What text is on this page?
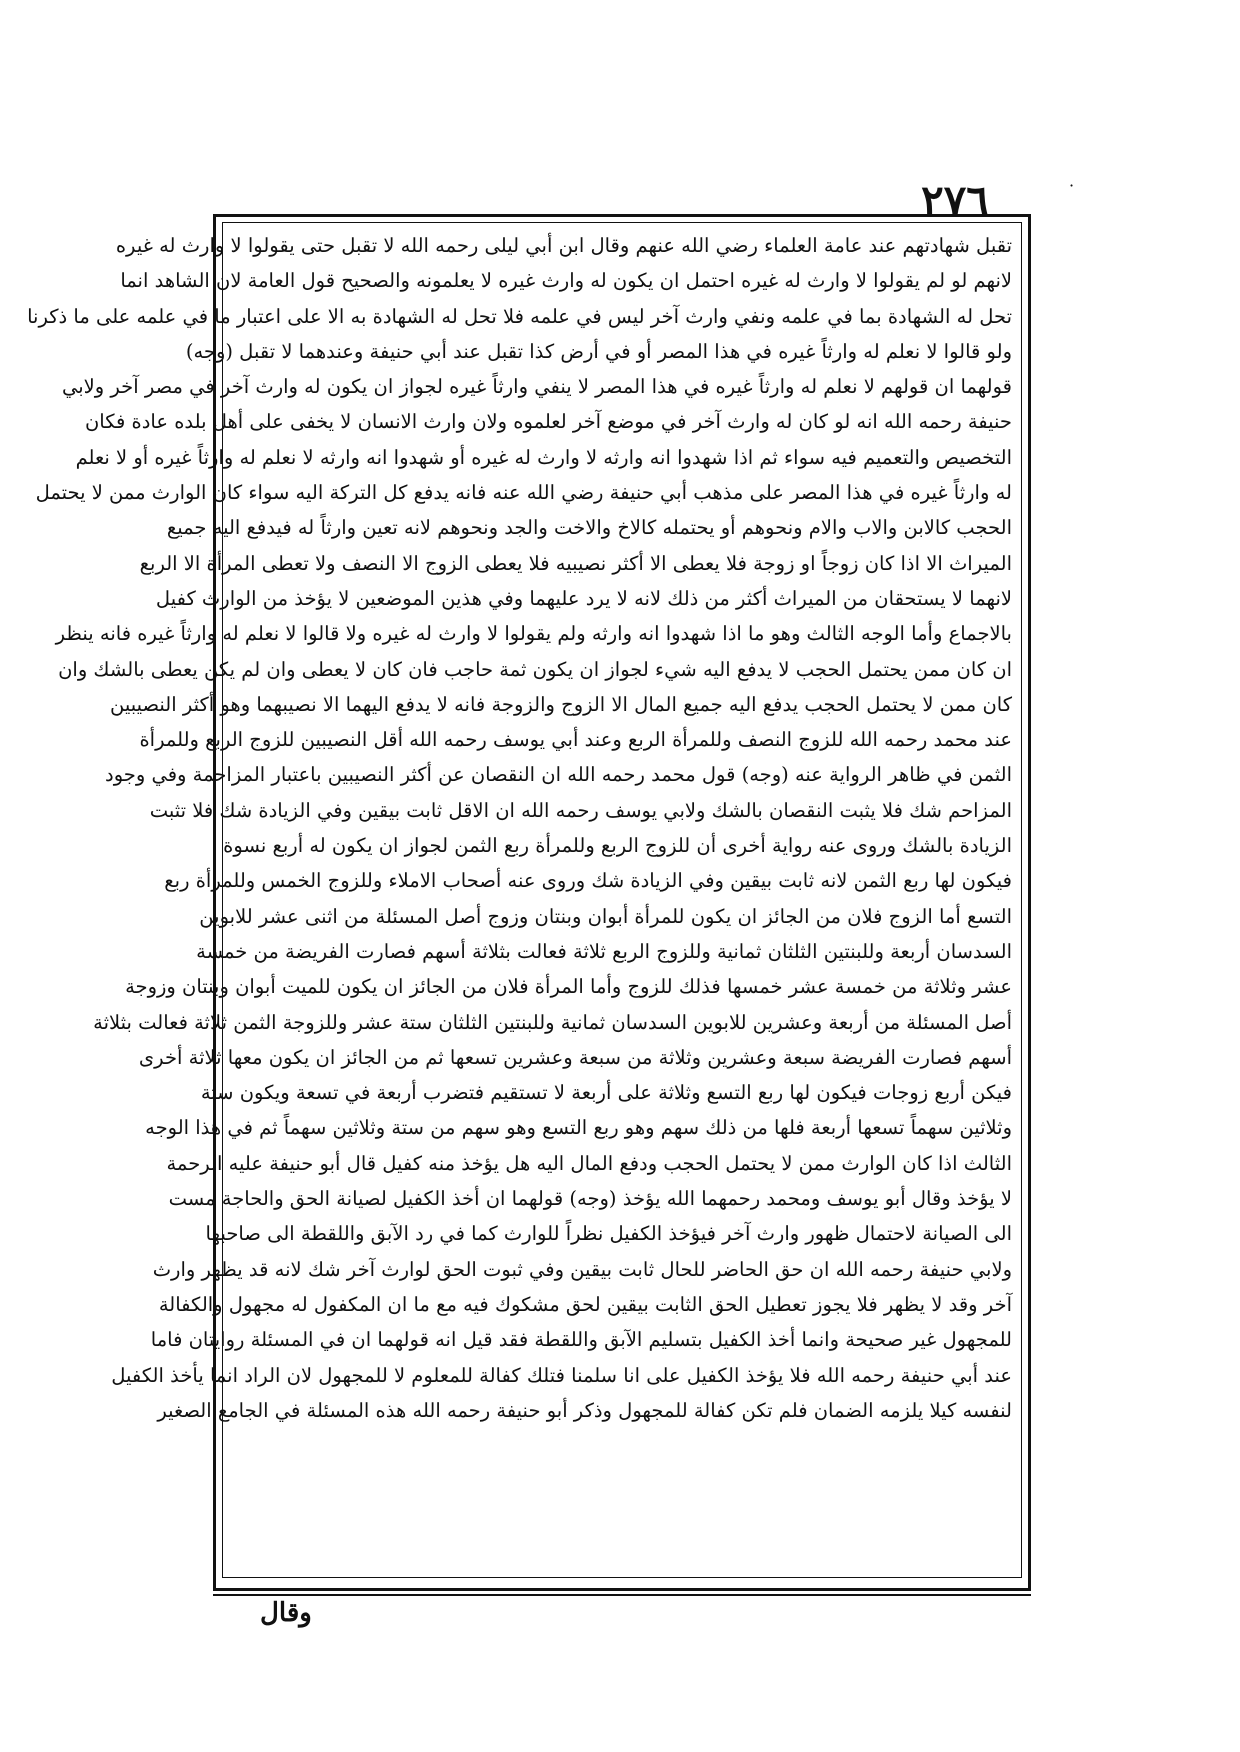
٢٧٦	·
تقبل شهادتهم عند عامة العلماء رضي الله عنهم وقال ابن أبي ليلى رحمه الله لا تقبل حتى يقولوا لا وارث له غيره
لانهم لو لم يقولوا لا وارث له غيره احتمل ان يكون له وارث غيره لا يعلمونه والصحيح قول العامة لان الشاهد انما
تحل له الشهادة بما في علمه ونفي وارث آخر ليس في علمه فلا تحل له الشهادة به الا على اعتبار ما في علمه على ما ذكرنا
ولو قالوا لا نعلم له وارثاً غيره في هذا المصر أو في أرض كذا تقبل عند أبي حنيفة وعندهما لا تقبل (وجه)
قولهما ان قولهم لا نعلم له وارثاً غيره في هذا المصر لا ينفي وارثاً غيره لجواز ان يكون له وارث آخر في مصر آخر ولابي
حنيفة رحمه الله انه لو كان له وارث آخر في موضع آخر لعلموه ولان وارث الانسان لا يخفى على أهل بلده عادة فكان
التخصيص والتعميم فيه سواء ثم اذا شهدوا انه وارثه لا وارث له غيره أو شهدوا انه وارثه لا نعلم له وارثاً غيره أو لا نعلم
له وارثاً غيره في هذا المصر على مذهب أبي حنيفة رضي الله عنه فانه يدفع كل التركة اليه سواء كان الوارث ممن لا يحتمل
الحجب كالابن والاب والام ونحوهم أو يحتمله كالاخ والاخت والجد ونحوهم لانه تعين وارثاً له فيدفع اليه جميع
الميراث الا اذا كان زوجاً او زوجة فلا يعطى الا أكثر نصيبيه فلا يعطى الزوج الا النصف ولا تعطى المرأة الا الربع
لانهما لا يستحقان من الميراث أكثر من ذلك لانه لا يرد عليهما وفي هذين الموضعين لا يؤخذ من الوارث كفيل
بالاجماع وأما الوجه الثالث وهو ما اذا شهدوا انه وارثه ولم يقولوا لا وارث له غيره ولا قالوا لا نعلم له وارثاً غيره فانه ينظر
ان كان ممن يحتمل الحجب لا يدفع اليه شيء لجواز ان يكون ثمة حاجب فان كان لا يعطى وان لم يكن يعطى بالشك وان
كان ممن لا يحتمل الحجب يدفع اليه جميع المال الا الزوج والزوجة فانه لا يدفع اليهما الا نصيبهما وهو أكثر النصيبين
عند محمد رحمه الله للزوج النصف وللمرأة الربع وعند أبي يوسف رحمه الله أقل النصيبين للزوج الربع وللمرأة
الثمن في ظاهر الرواية عنه (وجه) قول محمد رحمه الله ان النقصان عن أكثر النصيبين باعتبار المزاحمة وفي وجود
المزاحم شك فلا يثبت النقصان بالشك ولابي يوسف رحمه الله ان الاقل ثابت بيقين وفي الزيادة شك فلا تثبت
الزيادة بالشك وروى عنه رواية أخرى أن للزوج الربع وللمرأة ربع الثمن لجواز ان يكون له أربع نسوة
فيكون لها ربع الثمن لانه ثابت بيقين وفي الزيادة شك وروى عنه أصحاب الاملاء وللزوج الخمس وللمرأة ربع
التسع أما الزوج فلان من الجائز ان يكون للمرأة أبوان وبنتان وزوج أصل المسئلة من اثنى عشر للابوين
السدسان أربعة وللبنتين الثلثان ثمانية وللزوج الربع ثلاثة فعالت بثلاثة أسهم فصارت الفريضة من خمسة
عشر وثلاثة من خمسة عشر خمسها فذلك للزوج وأما المرأة فلان من الجائز ان يكون للميت أبوان وبنتان وزوجة
أصل المسئلة من أربعة وعشرين للابوين السدسان ثمانية وللبنتين الثلثان ستة عشر وللزوجة الثمن ثلاثة فعالت بثلاثة
أسهم فصارت الفريضة سبعة وعشرين وثلاثة من سبعة وعشرين تسعها ثم من الجائز ان يكون معها ثلاثة أخرى
فيكن أربع زوجات فيكون لها ربع التسع وثلاثة على أربعة لا تستقيم فتضرب أربعة في تسعة ويكون ستة
وثلاثين سهماً تسعها أربعة فلها من ذلك سهم وهو ربع التسع وهو سهم من ستة وثلاثين سهماً ثم في هذا الوجه
الثالث اذا كان الوارث ممن لا يحتمل الحجب ودفع المال اليه هل يؤخذ منه كفيل قال أبو حنيفة عليه الرحمة
لا يؤخذ وقال أبو يوسف ومحمد رحمهما الله يؤخذ (وجه) قولهما ان أخذ الكفيل لصيانة الحق والحاجة مست
الى الصيانة لاحتمال ظهور وارث آخر فيؤخذ الكفيل نظراً للوارث كما في رد الآبق واللقطة الى صاحبها
ولابي حنيفة رحمه الله ان حق الحاضر للحال ثابت بيقين وفي ثبوت الحق لوارث آخر شك لانه قد يظهر وارث
آخر وقد لا يظهر فلا يجوز تعطيل الحق الثابت بيقين لحق مشكوك فيه مع ما ان المكفول له مجهول والكفالة
للمجهول غير صحيحة وانما أخذ الكفيل بتسليم الآبق واللقطة فقد قيل انه قولهما ان في المسئلة روايتان فاما
عند أبي حنيفة رحمه الله فلا يؤخذ الكفيل على انا سلمنا فتلك كفالة للمعلوم لا للمجهول لان الراد انما يأخذ الكفيل
لنفسه كيلا يلزمه الضمان فلم تكن كفالة للمجهول وذكر أبو حنيفة رحمه الله هذه المسئلة في الجامع الصغير
وقال
